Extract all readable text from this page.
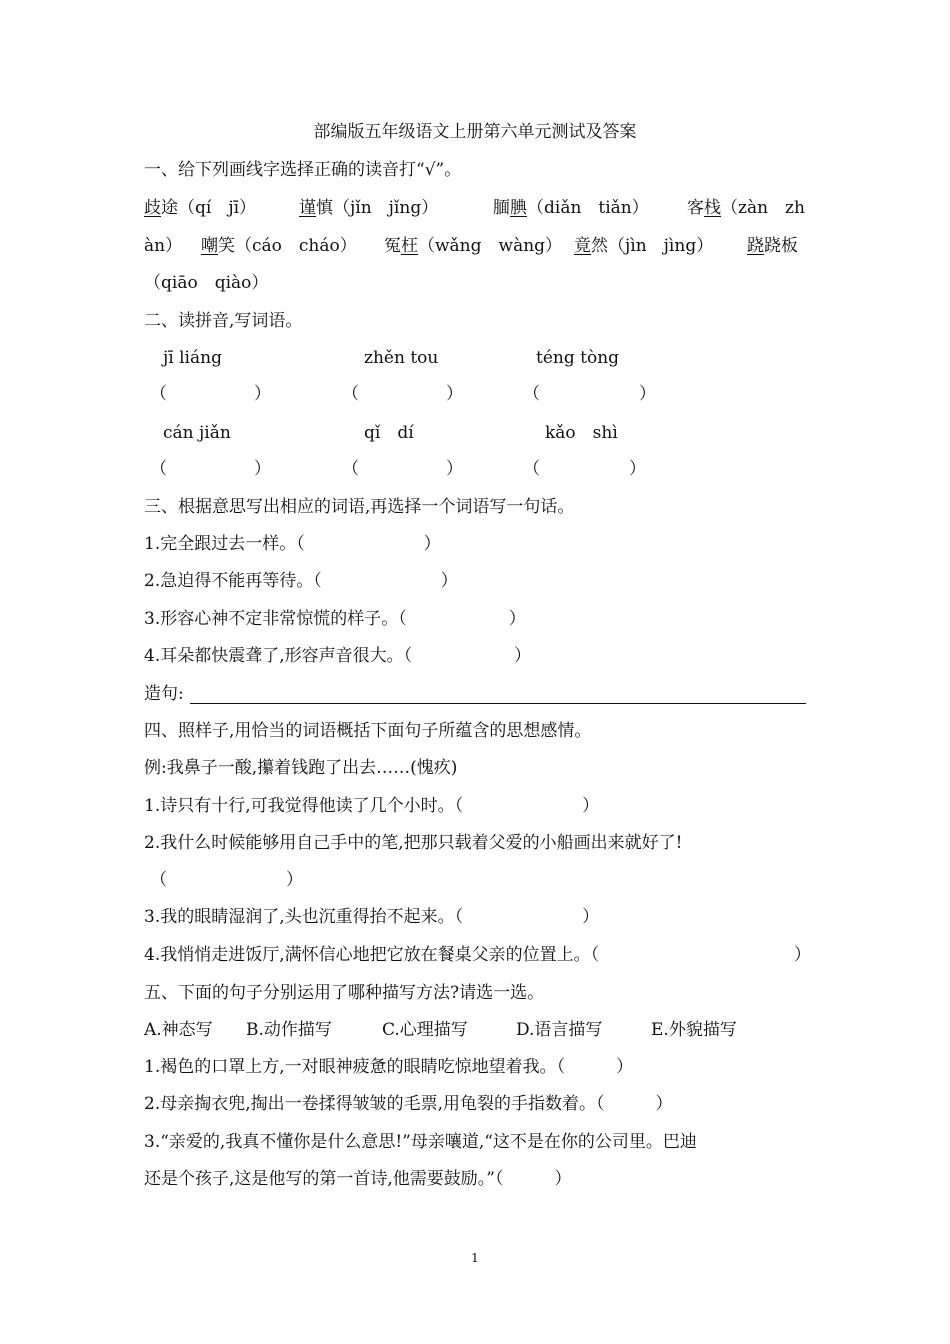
部编版五年级语文上册第六单元测试及答案
一、给下列画线字选择正确的读音打“√”。
歧途（qí　jī）	谨慎（jǐn　jǐng）	腼腆（diǎn　tiǎn） 客栈（zàn　zh
àn） 嘲笑（cáo　cháo） 冤枉（wǎng　wàng） 竟然（jìn　jìng） 跷跷板
（qiāo　qiào）
二、读拼音,写词语。
jī liáng	zhěn tou	téng tòng
（	）	（	）	（	）
cán jiǎn	qǐ　dí	kǎo　shì
（	）	（	）	（	）
三、根据意思写出相应的词语,再选择一个词语写一句话。
1.完全跟过去一样。（　　　　　　　）
2.急迫得不能再等待。（　　　　　　　）
3.形容心神不定非常惊慌的样子。（　　　　　　）
4.耳朵都快震聋了,形容声音很大。（　　　　　　）
造句:
四、照样子,用恰当的词语概括下面句子所蕴含的思想感情。
例:我鼻子一酸,攥着钱跑了出去……(愧疚)
1.诗只有十行,可我觉得他读了几个小时。（　　　　　　　）
2.我什么时候能够用自己手中的笔,把那只载着父爱的小船画出来就好了!
（　　　　　　　）
3.我的眼睛湿润了,头也沉重得抬不起来。（　　　　　　　）
4.我悄悄走进饭厅,满怀信心地把它放在餐桌父亲的位置上。（	）
五、下面的句子分别运用了哪种描写方法?请选一选。
A.神态写 B.动作描写	C.心理描写	D.语言描写	E.外貌描写
1.褐色的口罩上方,一对眼神疲惫的眼睛吃惊地望着我。（　　　）
2.母亲掏衣兜,掏出一卷揉得皱皱的毛票,用龟裂的手指数着。（　　　）
3.“亲爱的,我真不懂你是什么意思!”母亲嚷道,“这不是在你的公司里。巴迪
还是个孩子,这是他写的第一首诗,他需要鼓励。”（　　　）
1
